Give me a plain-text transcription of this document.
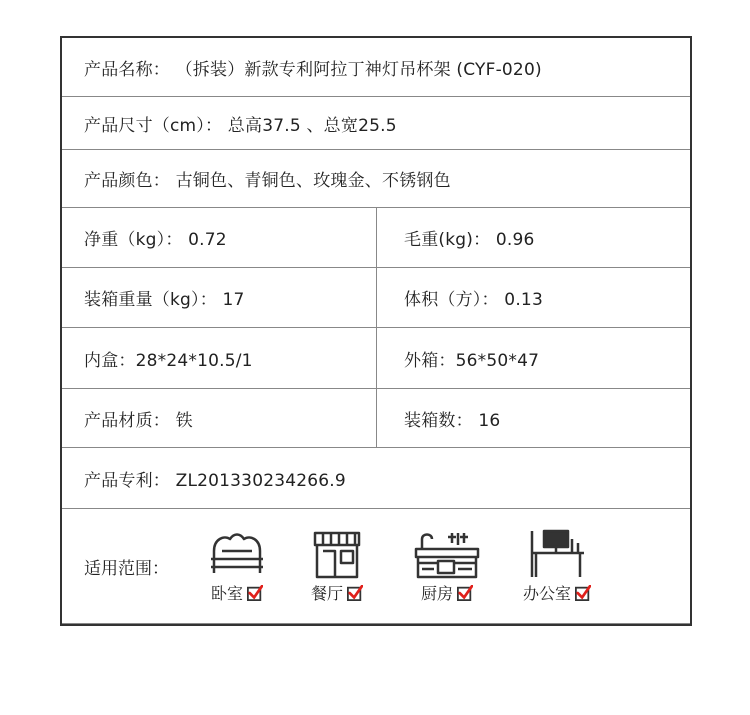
产品名称： （拆装）新款专利阿拉丁神灯吊杯架 (CYF-020)
产品尺寸（cm）： 总高37.5 、总宽25.5
产品颜色： 古铜色、青铜色、玫瑰金、不锈钢色
净重（kg）： 0.72	毛重(kg)： 0.96
装箱重量（kg）： 17	体积（方）： 0.13
内盒：28*24*10.5/1	外箱：56*50*47
产品材质： 铁	装箱数： 16
产品专利： ZL201330234266.9
适用范围：
卧室	餐厅	厨房	办公室
